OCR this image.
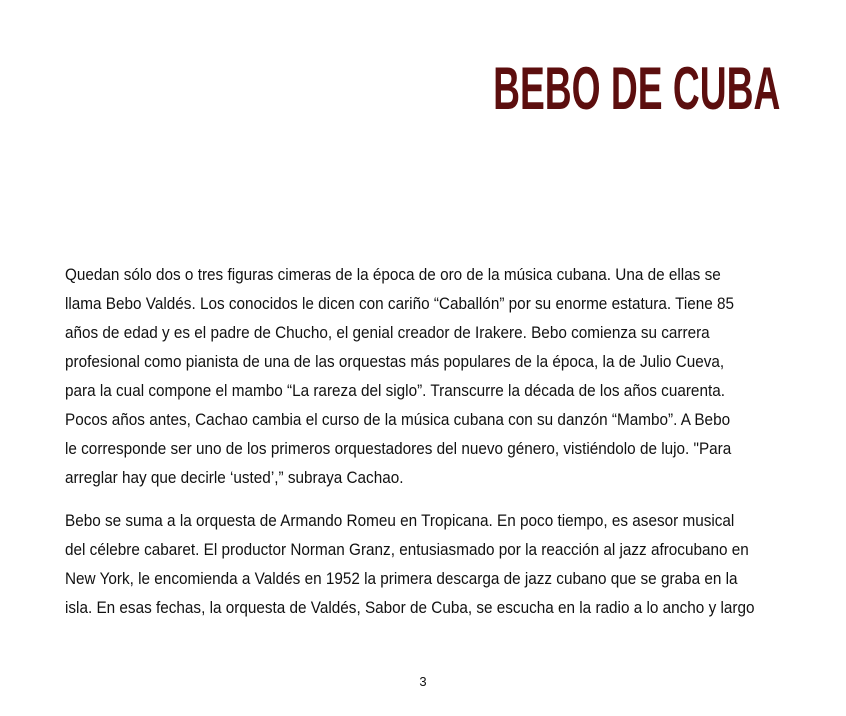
BEBO DE CUBA

Quedan sólo dos o tres figuras cimeras de la época de oro de la música cubana. Una de ellas se
llama Bebo Valdés. Los conocidos le dicen con cariño “Caballón” por su enorme estatura. Tiene 85
años de edad y es el padre de Chucho, el genial creador de Irakere. Bebo comienza su carrera
profesional como pianista de una de las orquestas más populares de la época, la de Julio Cueva,
para la cual compone el mambo “La rareza del siglo”. Transcurre la década de los años cuarenta.
Pocos años antes, Cachao cambia el curso de la música cubana con su danzón “Mambo”. A Bebo
le corresponde ser uno de los primeros orquestadores del nuevo género, vistiéndolo de lujo. "Para
arreglar hay que decirle ‘usted’,” subraya Cachao.

Bebo se suma a la orquesta de Armando Romeu en Tropicana. En poco tiempo, es asesor musical
del célebre cabaret. El productor Norman Granz, entusiasmado por la reacción al jazz afrocubano en
New York, le encomienda a Valdés en 1952 la primera descarga de jazz cubano que se graba en la
isla. En esas fechas, la orquesta de Valdés, Sabor de Cuba, se escucha en la radio a lo ancho y largo

3
